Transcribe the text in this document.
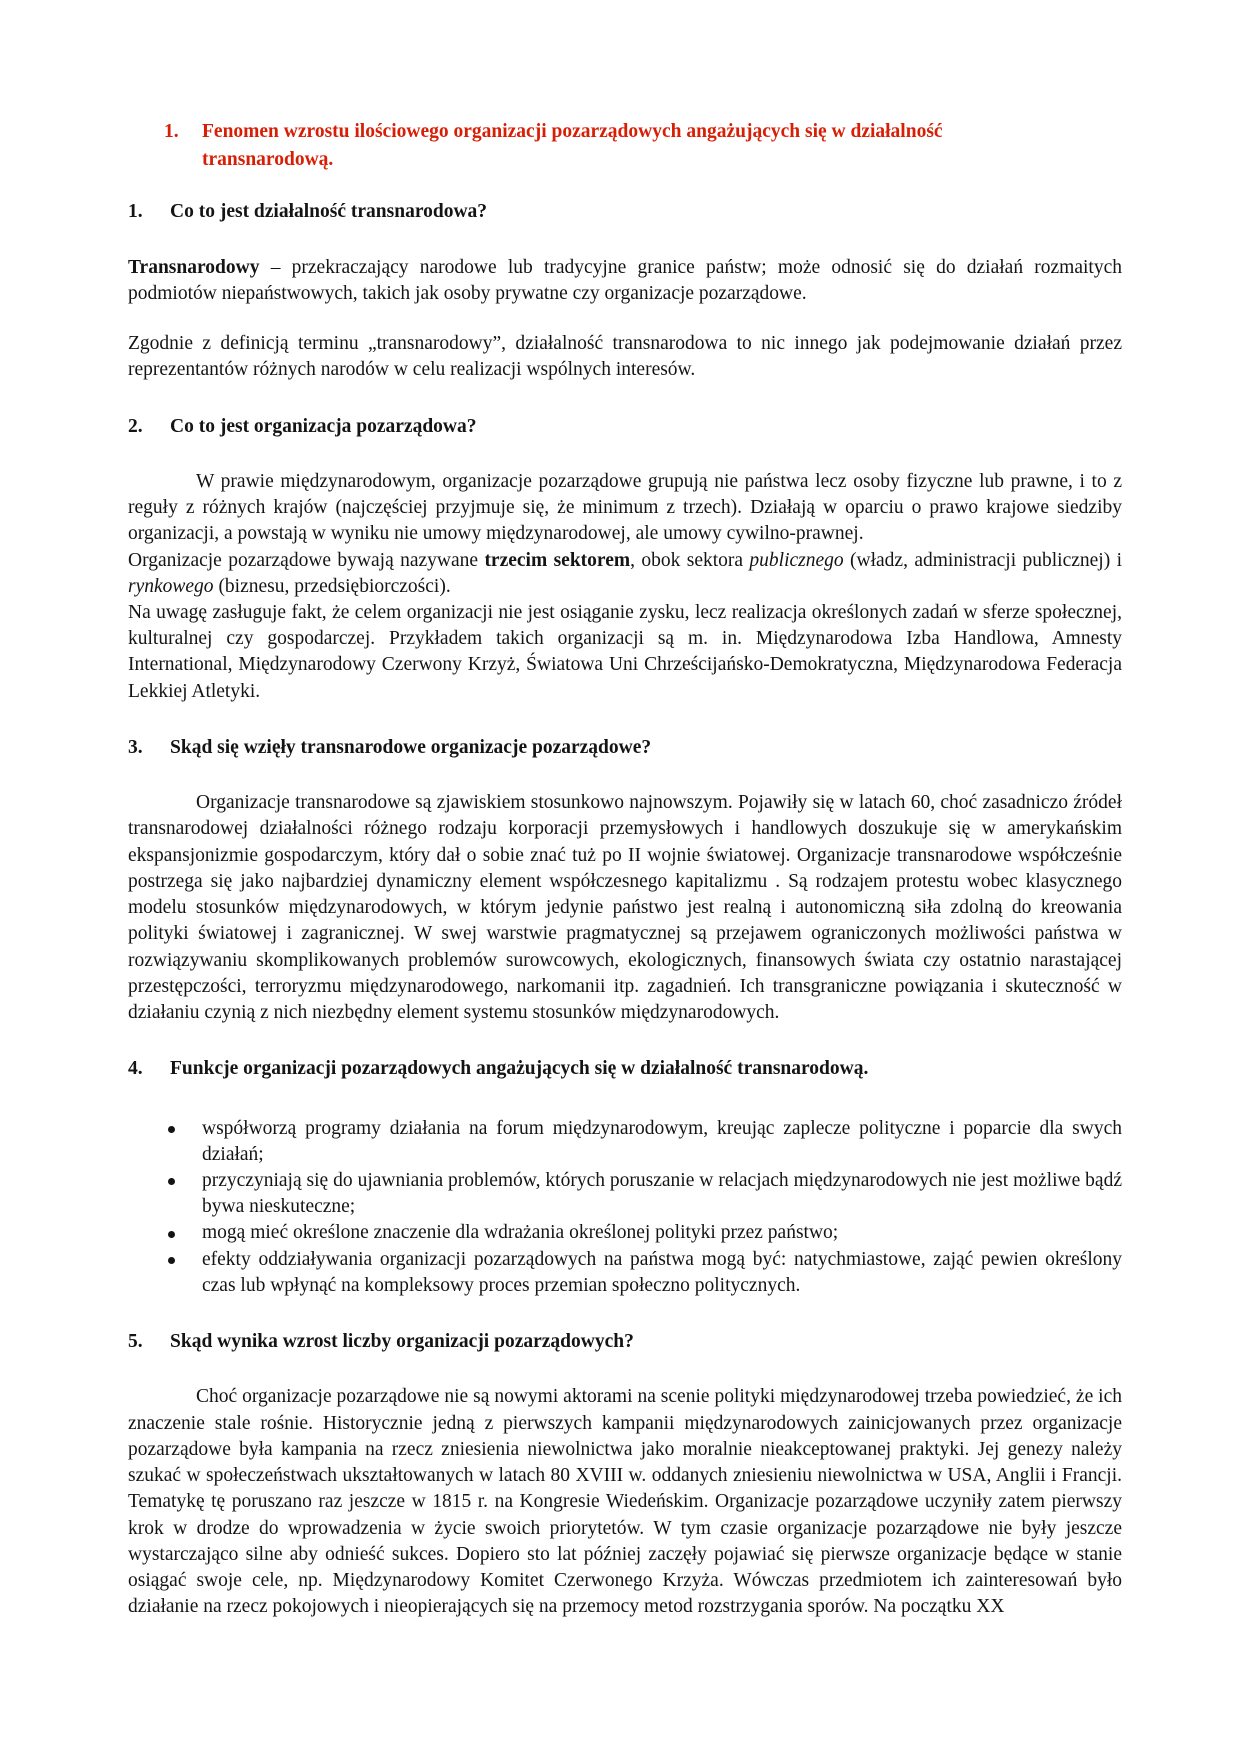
1.	Fenomen wzrostu ilościowego organizacji pozarządowych angażujących się w działalność
transnarodową.
1.	Co to jest działalność transnarodowa?

Transnarodowy – przekraczający narodowe lub tradycyjne granice państw; może odnosić się do działań rozmaitych podmiotów niepaństwowych, takich jak osoby prywatne czy organizacje pozarządowe.

Zgodnie z definicją terminu „transnarodowy”, działalność transnarodowa to nic innego jak podejmowanie działań przez reprezentantów różnych narodów w celu realizacji wspólnych interesów.

2.	Co to jest organizacja pozarządowa?

W prawie międzynarodowym, organizacje pozarządowe grupują nie państwa lecz osoby fizyczne lub prawne, i to z reguły z różnych krajów (najczęściej przyjmuje się, że minimum z trzech). Działają w oparciu o prawo krajowe siedziby organizacji, a powstają w wyniku nie umowy międzynarodowej, ale umowy cywilno-prawnej.

Organizacje pozarządowe bywają nazywane trzecim sektorem, obok sektora publicznego (władz, administracji publicznej) i rynkowego (biznesu, przedsiębiorczości).

Na uwagę zasługuje fakt, że celem organizacji nie jest osiąganie zysku, lecz realizacja określonych zadań w sferze społecznej, kulturalnej czy gospodarczej. Przykładem takich organizacji są m. in. Międzynarodowa Izba Handlowa, Amnesty International, Międzynarodowy Czerwony Krzyż, Światowa Uni Chrześcijańsko-Demokratyczna, Międzynarodowa Federacja Lekkiej Atletyki.

3.	Skąd się wzięły transnarodowe organizacje pozarządowe?

Organizacje transnarodowe są zjawiskiem stosunkowo najnowszym. Pojawiły się w latach 60, choć zasadniczo źródeł transnarodowej działalności różnego rodzaju korporacji przemysłowych i handlowych doszukuje się w amerykańskim ekspansjonizmie gospodarczym, który dał o sobie znać tuż po II wojnie światowej. Organizacje transnarodowe współcześnie postrzega się jako najbardziej dynamiczny element współczesnego kapitalizmu . Są rodzajem protestu wobec klasycznego modelu stosunków międzynarodowych, w którym jedynie państwo jest realną i autonomiczną siła zdolną do kreowania polityki światowej i zagranicznej. W swej warstwie pragmatycznej są przejawem ograniczonych możliwości państwa w rozwiązywaniu skomplikowanych problemów surowcowych, ekologicznych, finansowych świata czy ostatnio narastającej przestępczości, terroryzmu międzynarodowego, narkomanii itp. zagadnień. Ich transgraniczne powiązania i skuteczność w działaniu czynią z nich niezbędny element systemu stosunków międzynarodowych.

4.	Funkcje organizacji pozarządowych angażujących się w działalność transnarodową.
współworzą programy działania na forum międzynarodowym, kreując zaplecze polityczne i poparcie dla swych działań;
przyczyniają się do ujawniania problemów, których poruszanie w relacjach międzynarodowych nie jest możliwe bądź bywa nieskuteczne;
mogą mieć określone znaczenie dla wdrażania określonej polityki przez państwo;
efekty oddziaływania organizacji pozarządowych na państwa mogą być: natychmiastowe, zająć pewien określony czas lub wpłynąć na kompleksowy proces przemian społeczno politycznych.
5.	Skąd wynika wzrost liczby organizacji pozarządowych?

Choć organizacje pozarządowe nie są nowymi aktorami na scenie polityki międzynarodowej trzeba powiedzieć, że ich znaczenie stale rośnie. Historycznie jedną z pierwszych kampanii międzynarodowych zainicjowanych przez organizacje pozarządowe była kampania na rzecz zniesienia niewolnictwa jako moralnie nieakceptowanej praktyki. Jej genezy należy szukać w społeczeństwach ukształtowanych w latach 80 XVIII w. oddanych zniesieniu niewolnictwa w USA, Anglii i Francji. Tematykę tę poruszano raz jeszcze w 1815 r. na Kongresie Wiedeńskim. Organizacje pozarządowe uczyniły zatem pierwszy krok w drodze do wprowadzenia w życie swoich priorytetów. W tym czasie organizacje pozarządowe nie były jeszcze wystarczająco silne aby odnieść sukces. Dopiero sto lat później zaczęły pojawiać się pierwsze organizacje będące w stanie osiągać swoje cele, np. Międzynarodowy Komitet Czerwonego Krzyża. Wówczas przedmiotem ich zainteresowań było działanie na rzecz pokojowych i nieopierających się na przemocy metod rozstrzygania sporów. Na początku XX
